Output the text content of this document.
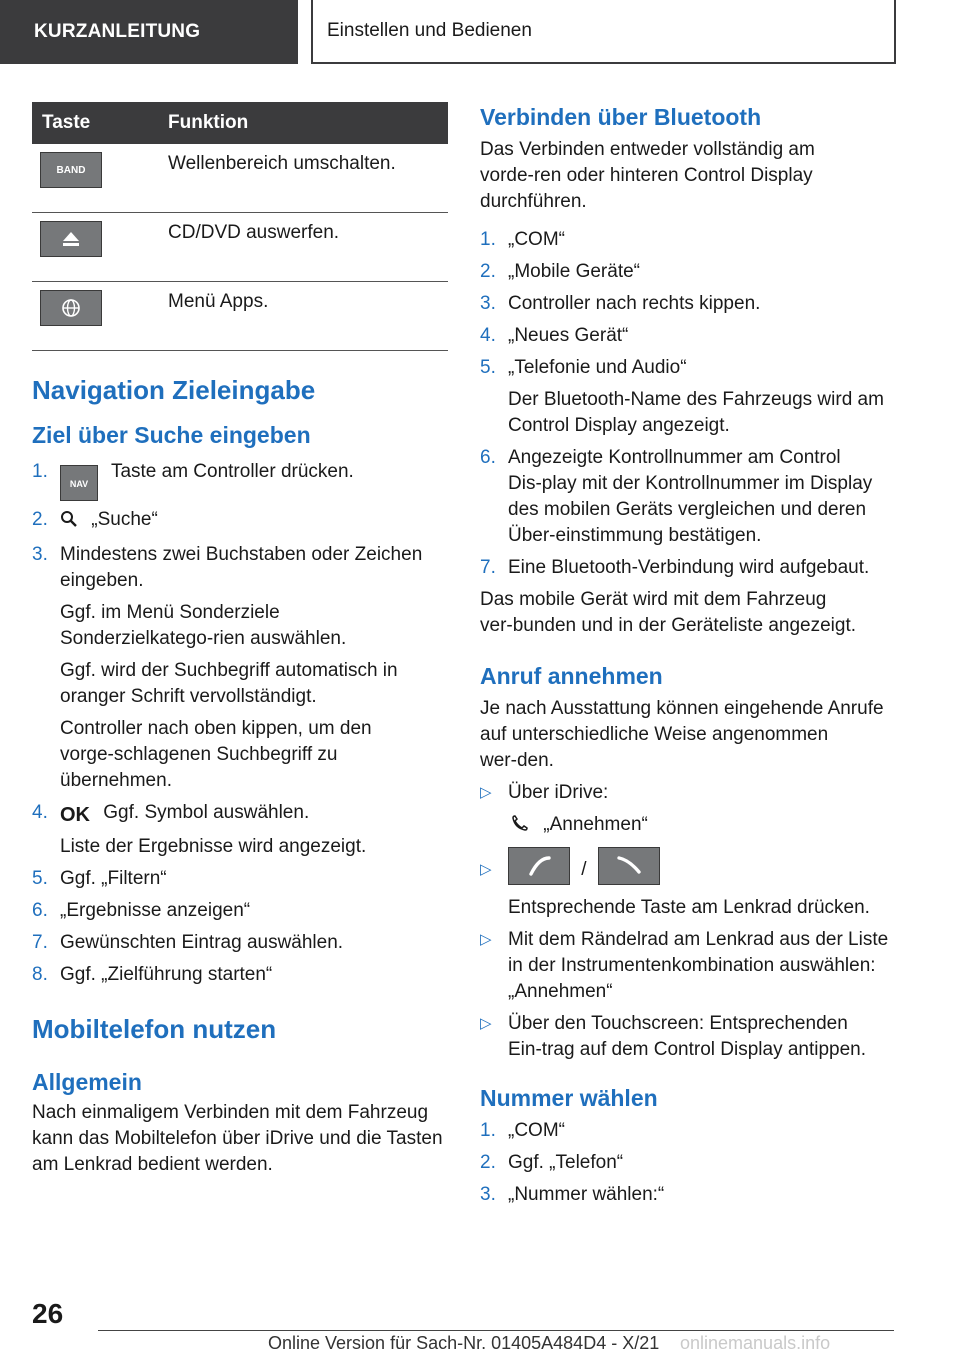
KURZANLEITUNG	Einstellen und Bedienen
Taste	Funktion

BAND	Wellenbereich umschalten.

	CD/DVD auswerfen.

	Menü Apps.
Navigation Zieleingabe
Ziel über Suche eingeben
1.
NAV Taste am Controller drücken.
2. „Suche“
3. Mindestens zwei Buchstaben oder Zeichen eingeben.
Ggf. im Menü Sonderziele Sonderzielkatego‑rien auswählen.
Ggf. wird der Suchbegriff automatisch in oranger Schrift vervollständigt.
Controller nach oben kippen, um den vorge‑schlagenen Suchbegriff zu übernehmen.
4. OK Ggf. Symbol auswählen.
Liste der Ergebnisse wird angezeigt.
5. Ggf. „Filtern“
6. „Ergebnisse anzeigen“
7. Gewünschten Eintrag auswählen.
8. Ggf. „Zielführung starten“
Mobiltelefon nutzen
Allgemein

Nach einmaligem Verbinden mit dem Fahrzeug kann das Mobiltelefon über iDrive und die Tasten am Lenkrad bedient werden.

Verbinden über Bluetooth

Das Verbinden entweder vollständig am vorde‑ren oder hinteren Control Display durchführen.

1. „COM“
2. „Mobile Geräte“
3. Controller nach rechts kippen.
4. „Neues Gerät“
5. „Telefonie und Audio“
Der Bluetooth-Name des Fahrzeugs wird am Control Display angezeigt.
6. Angezeigte Kontrollnummer am Control Dis‑play mit der Kontrollnummer im Display des mobilen Geräts vergleichen und deren Über‑einstimmung bestätigen.
7. Eine Bluetooth-Verbindung wird aufgebaut.

Das mobile Gerät wird mit dem Fahrzeug ver‑bunden und in der Geräteliste angezeigt.

Anruf annehmen

Je nach Ausstattung können eingehende Anrufe auf unterschiedliche Weise angenommen wer‑den.

▷ Über iDrive:
„Annehmen“
▷	/
Entsprechende Taste am Lenkrad drücken.
▷ Mit dem Rändelrad am Lenkrad aus der Liste in der Instrumentenkombination auswählen: „Annehmen“
▷ Über den Touchscreen: Entsprechenden Ein‑trag auf dem Control Display antippen.
Nummer wählen
1. „COM“
2. Ggf. „Telefon“
3. „Nummer wählen:“
26
Online Version für Sach-Nr. 01405A484D4 - X/21 onlinemanuals.info
